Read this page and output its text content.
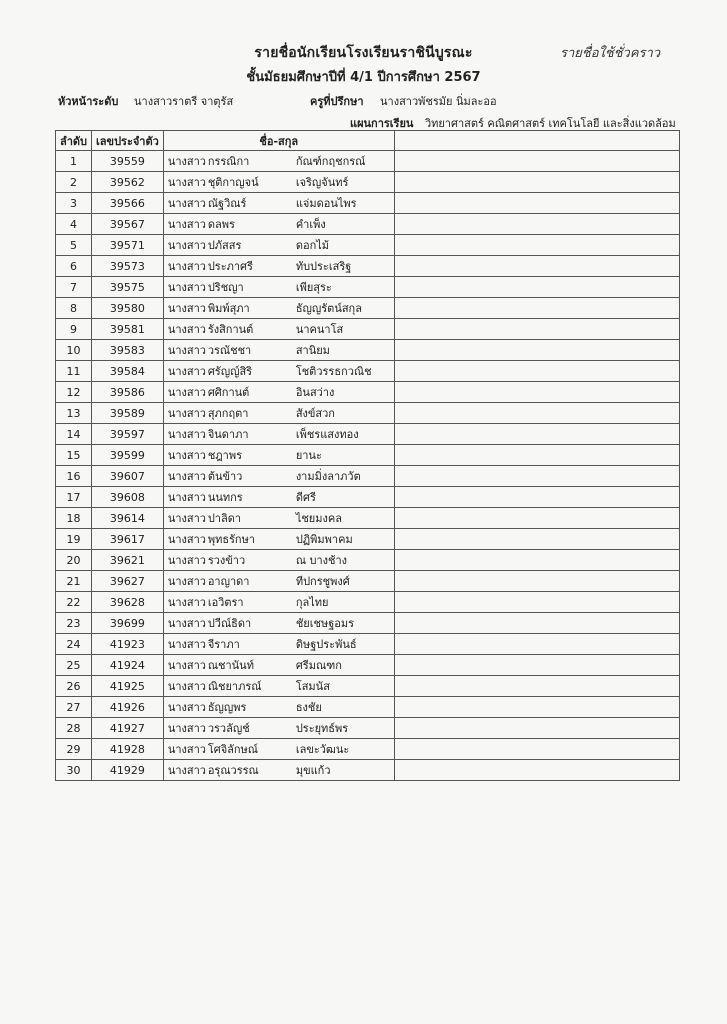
รายชื่อนักเรียนโรงเรียนราชินีบูรณะ	รายชื่อใช้ชั่วคราว
ชั้นมัธยมศึกษาปีที่ 4/1 ปีการศึกษา 2567
หัวหน้าระดับ นางสาวราตรี จาตุรัส	ครูที่ปรึกษา นางสาวพัชรมัย นิ่มละออ
แผนการเรียน วิทยาศาสตร์ คณิตศาสตร์ เทคโนโลยี และสิ่งแวดล้อม
ลำดับ	เลขประจำตัว	ชื่อ-สกุล	
1	39559	นางสาว กรรณิกา กัณฑ์กฤชกรณ์	
2	39562	นางสาว ชุติกาญจน์ เจริญจันทร์	
3	39566	นางสาว ณัฐวิณร์ แจ่มดอนไพร	
4	39567	นางสาว ดลพร คำเพ็ง	
5	39571	นางสาว ปภัสสร ดอกไม้	
6	39573	นางสาว ประภาศรี ทับประเสริฐ	
7	39575	นางสาว ปริชญา เพียสุระ	
8	39580	นางสาว พิมพ์สุภา ธัญญรัตน์สกุล	
9	39581	นางสาว รังสิกานต์ นาคนาโส	
10	39583	นางสาว วรณัชชา สานิยม	
11	39584	นางสาว ศรัญญ์สิริ โชติวรรธกวณิช	
12	39586	นางสาว ศศิกานต์ อินสว่าง	
13	39589	นางสาว สุภกฤตา สังข์สวก	
14	39597	นางสาว จินดาภา เพ็ชรแสงทอง	
15	39599	นางสาว ชฎาพร ยานะ	
16	39607	นางสาว ต้นข้าว งามมิ่งลาภวัต	
17	39608	นางสาว นนทกร ดีศรี	
18	39614	นางสาว ปาลิดา ไชยมงคล	
19	39617	นางสาว พุทธรักษา ปฏิพิมพาคม	
20	39621	นางสาว รวงข้าว ณ บางช้าง	
21	39627	นางสาว อาญาดา ทีปกรชูพงศ์	
22	39628	นางสาว เอวิตรา กุลไทย	
23	39699	นางสาว ปวีณ์ธิดา ชัยเชษฐอมร	
24	41923	นางสาว จีราภา ดิษฐประพันธ์	
25	41924	นางสาว ณชานันท์ ศรีมณฑก	
26	41925	นางสาว ณิชยาภรณ์ โสมนัส	
27	41926	นางสาว ธัญญพร ธงชัย	
28	41927	นางสาว วรวลัญช์ ประยุทธ์พร	
29	41928	นางสาว โศจิลักษณ์ เลขะวัฒนะ	
30	41929	นางสาว อรุณวรรณ มุขแก้ว	
